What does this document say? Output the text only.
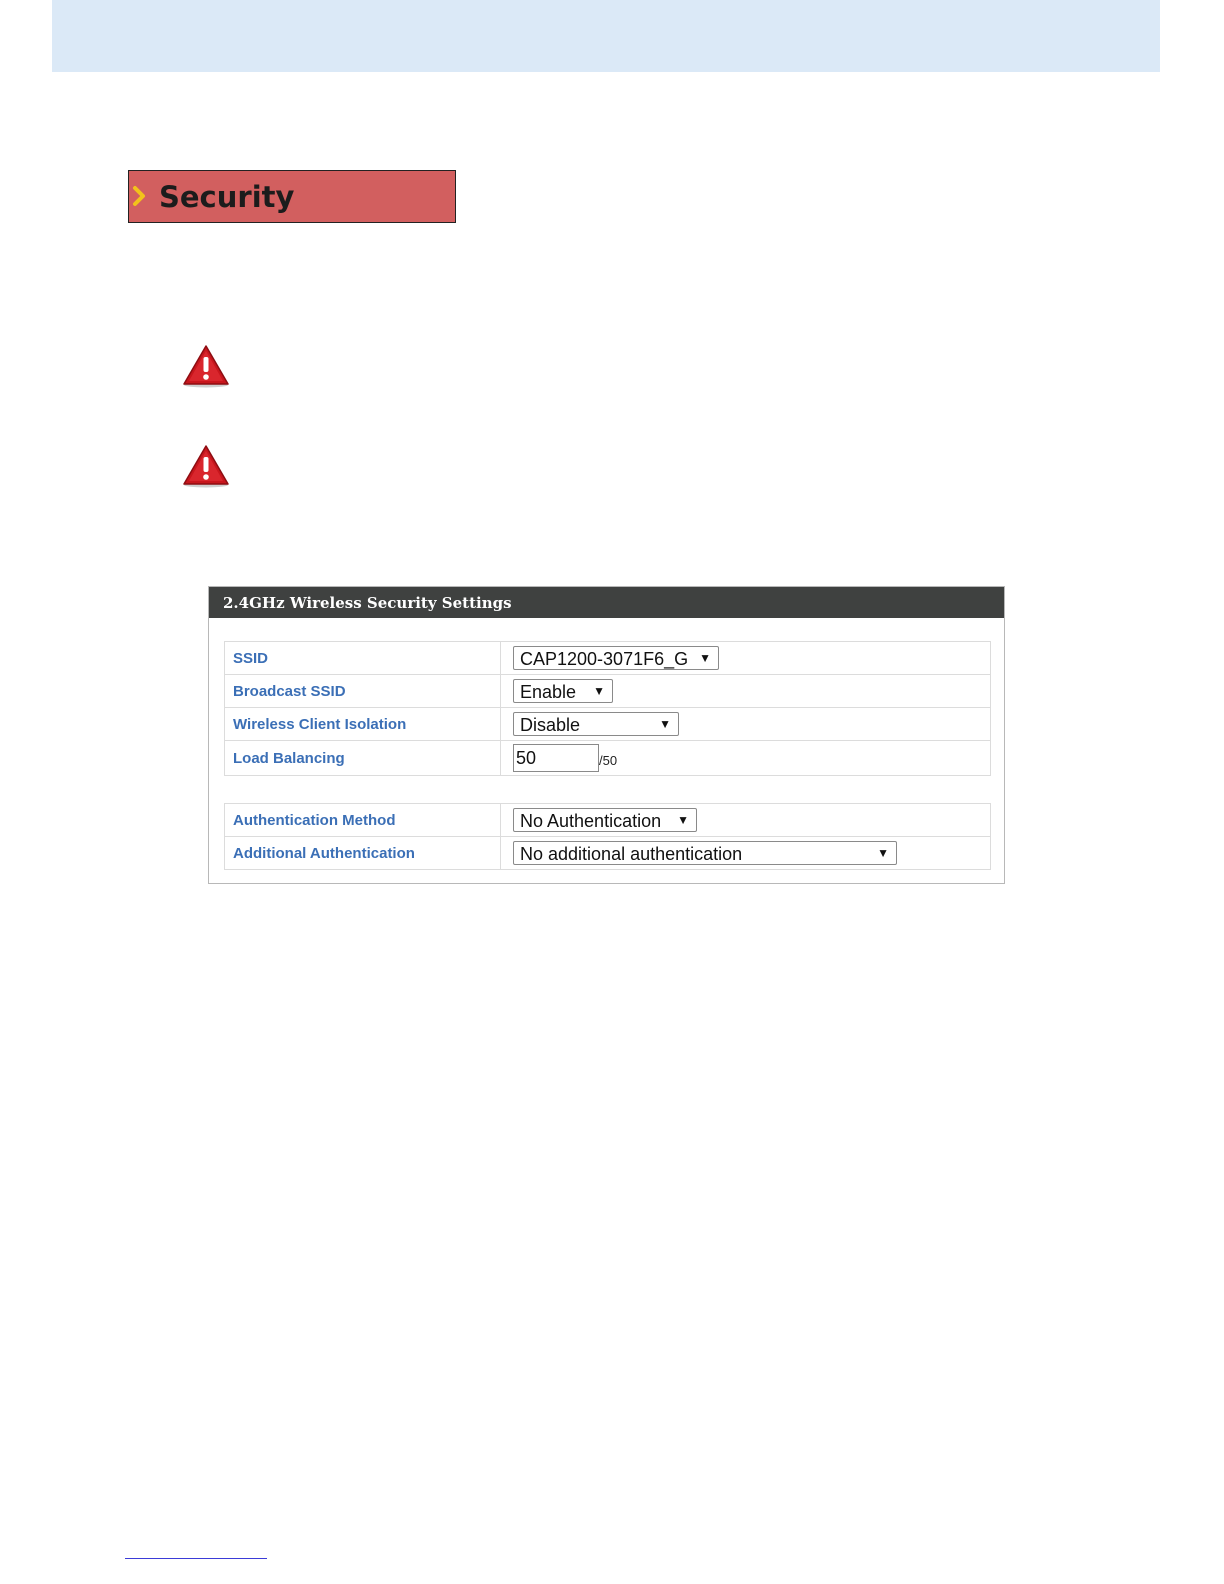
Security
2.4GHz Wireless Security Settings
SSID	CAP1200-3071F6_G ▼

Broadcast SSID	Enable ▼

Wireless Client Isolation	Disable ▼

Load Balancing	50/50
Authentication Method	No Authentication ▼

Additional Authentication	No additional authentication ▼
